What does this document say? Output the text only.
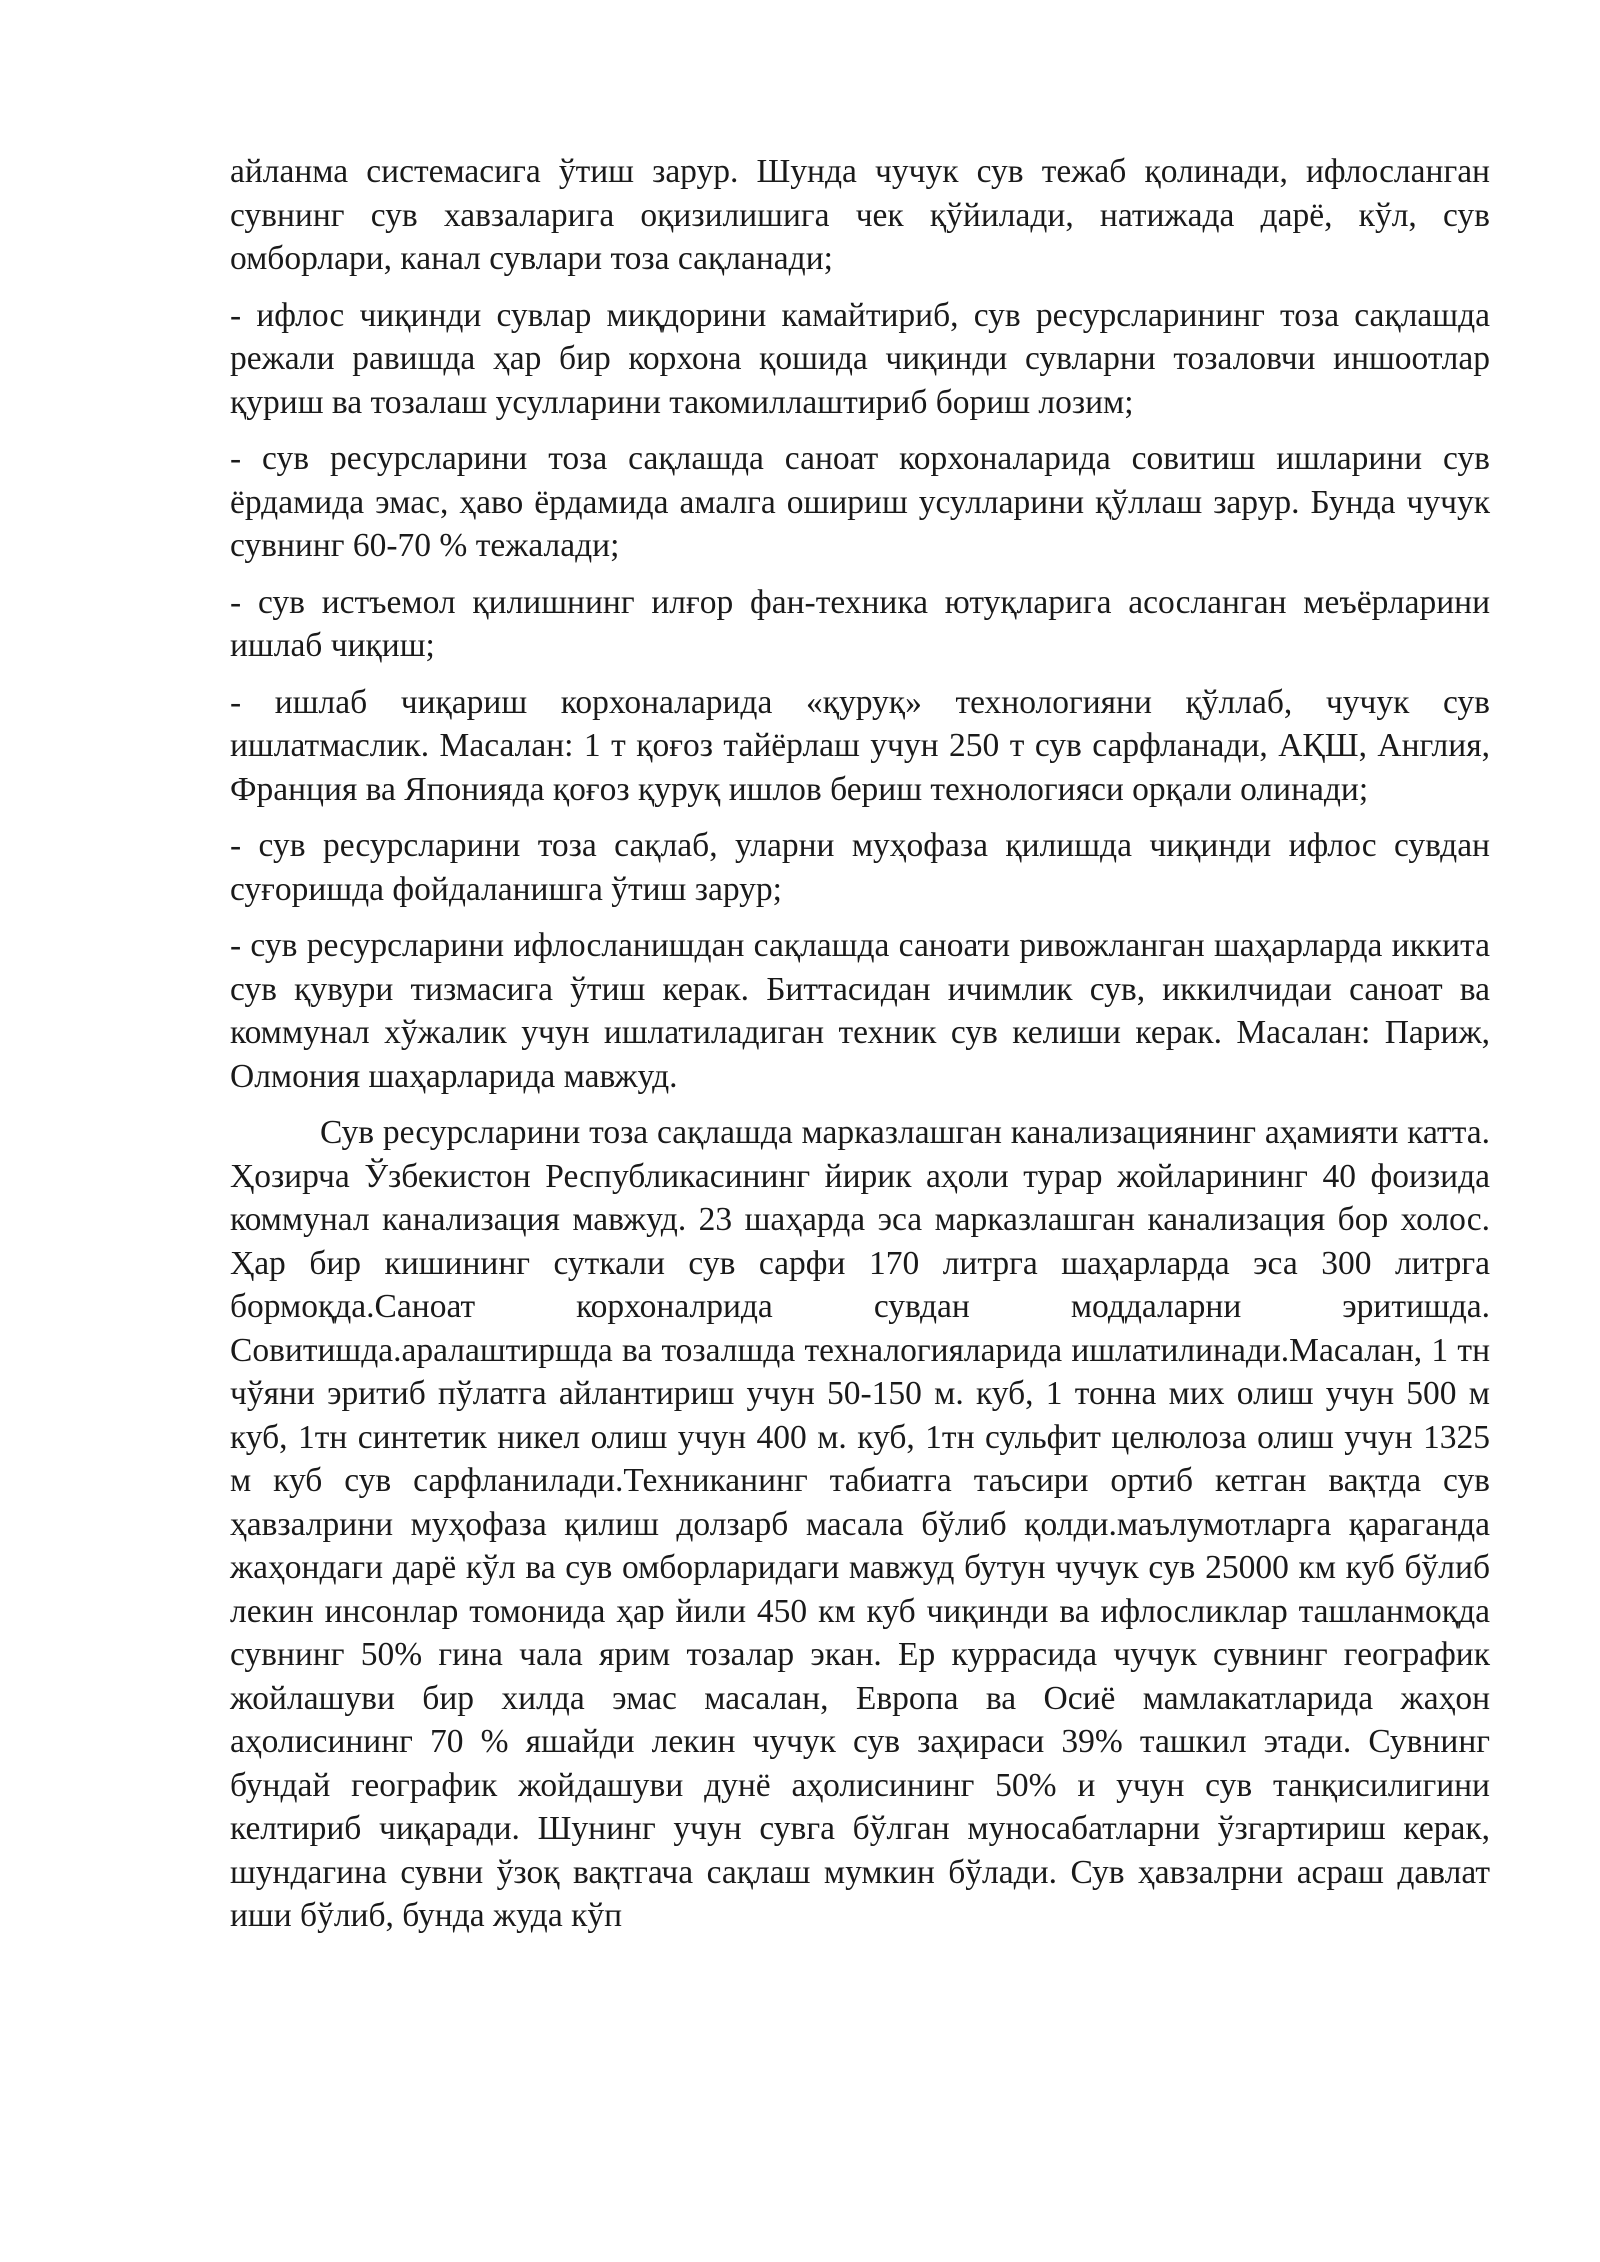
айланма системасига ўтиш зарур. Шунда чучук сув тежаб қолинади, ифлосланган сувнинг сув хавзаларига оқизилишига чек қўйилади, натижада дарё, кўл, сув омборлари, канал сувлари тоза сақланади;

- ифлос чиқинди сувлар миқдорини камайтириб, сув ресурсларининг тоза сақлашда режали равишда ҳар бир корхона қошида чиқинди сувларни тозаловчи иншоотлар қуриш ва тозалаш усулларини такомиллаштириб бориш лозим;

- сув ресурсларини тоза сақлашда саноат корхоналарида совитиш ишларини сув ёрдамида эмас, ҳаво ёрдамида амалга ошириш усулларини қўллаш зарур. Бунда чучук сувнинг 60-70 % тежалади;

- сув истъемол қилишнинг илғор фан-техника ютуқларига асосланган меъёрларини ишлаб чиқиш;

- ишлаб чиқариш корхоналарида «қуруқ» технологияни қўллаб, чучук сув ишлатмаслик. Масалан: 1 т қоғоз тайёрлаш учун 250 т сув сарфланади, АҚШ, Англия, Франция ва Японияда қоғоз қуруқ ишлов бериш технологияси орқали олинади;

- сув ресурсларини тоза сақлаб, уларни муҳофаза қилишда чиқинди ифлос сувдан суғоришда фойдаланишга ўтиш зарур;

- сув ресурсларини ифлосланишдан сақлашда саноати ривожланган шаҳарларда иккита сув қувури тизмасига ўтиш керак. Биттасидан ичимлик сув, иккилчидаи саноат ва коммунал хўжалик учун ишлатиладиган техник сув келиши керак. Масалан: Париж, Олмония шаҳарларида мавжуд.

Сув ресурсларини тоза сақлашда марказлашган канализациянинг аҳамияти катта. Ҳозирча Ўзбекистон Республикасининг йирик аҳоли турар жойларининг 40 фоизида коммунал канализация мавжуд. 23 шаҳарда эса марказлашган канализация бор холос. Ҳар бир кишининг суткали сув сарфи 170 литрга шаҳарларда эса 300 литрга бормоқда.Саноат корхоналрида сувдан моддаларни эритишда. Совитишда.аралаштиршда ва тозалшда техналогияларида ишлатилинади.Масалан, 1 тн чўяни эритиб пўлатга айлантириш учун 50-150 м. куб, 1 тонна мих олиш учун 500 м куб, 1тн синтетик никел олиш учун 400 м. куб, 1тн сульфит целюлоза олиш учун 1325 м куб сув сарфланилади.Техниканинг табиатга таъсири ортиб кетган вақтда сув ҳавзалрини муҳофаза қилиш долзарб масала бўлиб қолди.маълумотларга қараганда жаҳондаги дарё кўл ва сув омборларидаги мавжуд бутун чучук сув 25000 км куб бўлиб лекин инсонлар томонида ҳар йили 450 км куб чиқинди ва ифлосликлар ташланмоқда сувнинг 50% гина чала ярим тозалар экан. Ер куррасида чучук сувнинг географик жойлашуви бир хилда эмас масалан, Европа ва Осиё мамлакатларида жаҳон аҳолисининг 70 % яшайди лекин чучук сув заҳираси 39% ташкил этади. Сувнинг бундай географик жойдашуви дунё аҳолисининг 50% и учун сув танқисилигини келтириб чиқаради. Шунинг учун сувга бўлган муносабатларни ўзгартириш керак, шундагина сувни ўзоқ вақтгача сақлаш мумкин бўлади. Сув ҳавзалрни асраш давлат иши бўлиб, бунда жуда кўп
